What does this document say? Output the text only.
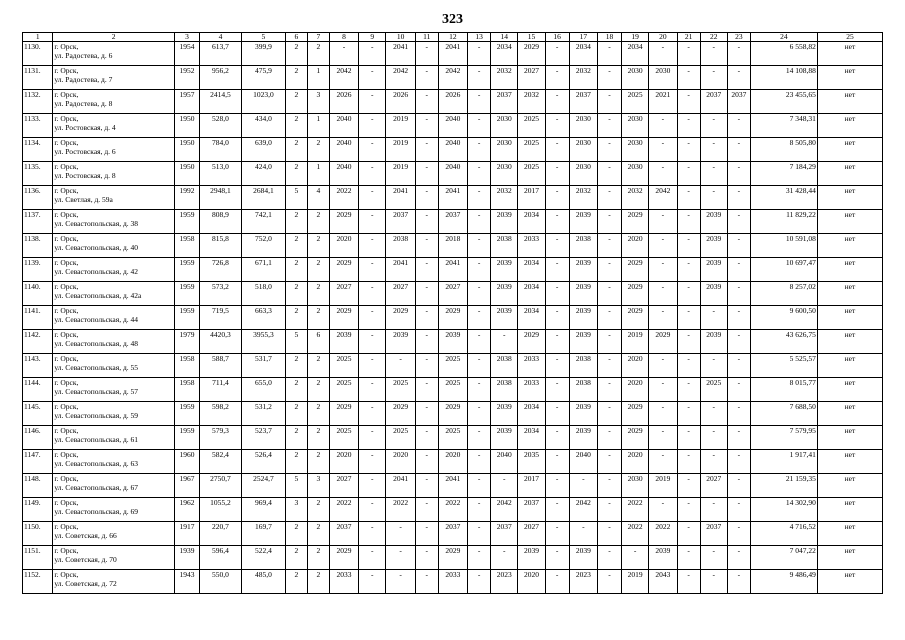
323
1	2	3	4	5	6	7	8	9	10	11	12	13	14	15	16	17	18	19	20	21	22	23	24	25
1130.	г. Орск,
ул. Радостева, д. 6	1954	613,7	399,9	2	2	-	-	2041	-	2041	-	2034	2029	-	2034	-	2034	-	-	-	-	6 558,82	нет
1131.	г. Орск,
ул. Радостева, д. 7	1952	956,2	475,9	2	1	2042	-	2042	-	2042	-	2032	2027	-	2032	-	2030	2030	-	-	-	14 108,88	нет
1132.	г. Орск,
ул. Радостева, д. 8	1957	2414,5	1023,0	2	3	2026	-	2026	-	2026	-	2037	2032	-	2037	-	2025	2021	-	2037	2037	23 455,65	нет
1133.	г. Орск,
ул. Ростовская, д. 4	1950	528,0	434,0	2	1	2040	-	2019	-	2040	-	2030	2025	-	2030	-	2030	-	-	-	-	7 348,31	нет
1134.	г. Орск,
ул. Ростовская, д. 6	1950	784,0	639,0	2	2	2040	-	2019	-	2040	-	2030	2025	-	2030	-	2030	-	-	-	-	8 505,80	нет
1135.	г. Орск,
ул. Ростовская, д. 8	1950	513,0	424,0	2	1	2040	-	2019	-	2040	-	2030	2025	-	2030	-	2030	-	-	-	-	7 184,29	нет
1136.	г. Орск,
ул. Светлая, д. 59а	1992	2948,1	2684,1	5	4	2022	-	2041	-	2041	-	2032	2017	-	2032	-	2032	2042	-	-	-	31 428,44	нет
1137.	г. Орск,
ул. Севастопольская, д. 38	1959	808,9	742,1	2	2	2029	-	2037	-	2037	-	2039	2034	-	2039	-	2029	-	-	2039	-	11 829,22	нет
1138.	г. Орск,
ул. Севастопольская, д. 40	1958	815,8	752,0	2	2	2020	-	2038	-	2018	-	2038	2033	-	2038	-	2020	-	-	2039	-	10 591,08	нет
1139.	г. Орск,
ул. Севастопольская, д. 42	1959	726,8	671,1	2	2	2029	-	2041	-	2041	-	2039	2034	-	2039	-	2029	-	-	2039	-	10 697,47	нет
1140.	г. Орск,
ул. Севастопольская, д. 42а	1959	573,2	518,0	2	2	2027	-	2027	-	2027	-	2039	2034	-	2039	-	2029	-	-	2039	-	8 257,02	нет
1141.	г. Орск,
ул. Севастопольская, д. 44	1959	719,5	663,3	2	2	2029	-	2029	-	2029	-	2039	2034	-	2039	-	2029	-	-	-	-	9 600,50	нет
1142.	г. Орск,
ул. Севастопольская, д. 48	1979	4420,3	3955,3	5	6	2039	-	2039	-	2039	-	-	2029	-	2039	-	2019	2029	-	2039	-	43 626,75	нет
1143.	г. Орск,
ул. Севастопольская, д. 55	1958	588,7	531,7	2	2	2025	-	-	-	2025	-	2038	2033	-	2038	-	2020	-	-	-	-	5 525,57	нет
1144.	г. Орск,
ул. Севастопольская, д. 57	1958	711,4	655,0	2	2	2025	-	2025	-	2025	-	2038	2033	-	2038	-	2020	-	-	2025	-	8 015,77	нет
1145.	г. Орск,
ул. Севастопольская, д. 59	1959	598,2	531,2	2	2	2029	-	2029	-	2029	-	2039	2034	-	2039	-	2029	-	-	-	-	7 688,50	нет
1146.	г. Орск,
ул. Севастопольская, д. 61	1959	579,3	523,7	2	2	2025	-	2025	-	2025	-	2039	2034	-	2039	-	2029	-	-	-	-	7 579,95	нет
1147.	г. Орск,
ул. Севастопольская, д. 63	1960	582,4	526,4	2	2	2020	-	2020	-	2020	-	2040	2035	-	2040	-	2020	-	-	-	-	1 917,41	нет
1148.	г. Орск,
ул. Севастопольская, д. 67	1967	2750,7	2524,7	5	3	2027	-	2041	-	2041	-	-	2017	-	-	-	2030	2019	-	2027	-	21 159,35	нет
1149.	г. Орск,
ул. Севастопольская, д. 69	1962	1055,2	969,4	3	2	2022	-	2022	-	2022	-	2042	2037	-	2042	-	2022	-	-	-	-	14 302,90	нет
1150.	г. Орск,
ул. Советская, д. 66	1917	220,7	169,7	2	2	2037	-	-	-	2037	-	2037	2027	-	-	-	2022	2022	-	2037	-	4 716,52	нет
1151.	г. Орск,
ул. Советская, д. 70	1939	596,4	522,4	2	2	2029	-	-	-	2029	-	-	2039	-	2039	-	-	2039	-	-	-	7 047,22	нет
1152.	г. Орск,
ул. Советская, д. 72	1943	550,0	485,0	2	2	2033	-	-	-	2033	-	2023	2020	-	2023	-	2019	2043	-	-	-	9 486,49	нет
